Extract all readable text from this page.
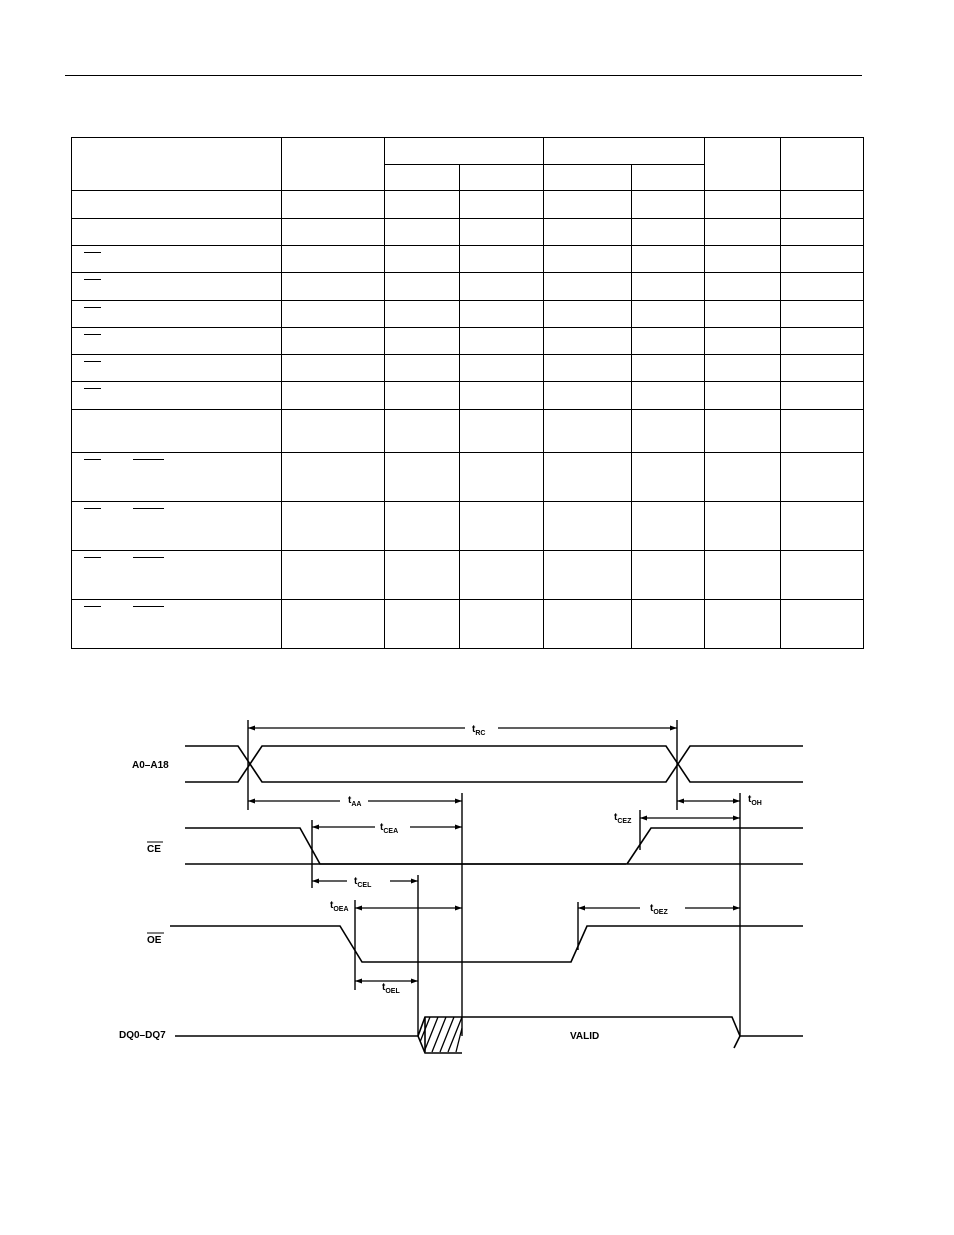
A0–A18
CE
OE
DQ0–DQ7
$t_{RC}$
$t_{AA}$	$t_{OH}$
$t_{CEZ}$
$t_{CEA}$
$t_{CEL}$
$t_{OEA}$	$t_{OEZ}$
$t_{OEL}$
VALID
